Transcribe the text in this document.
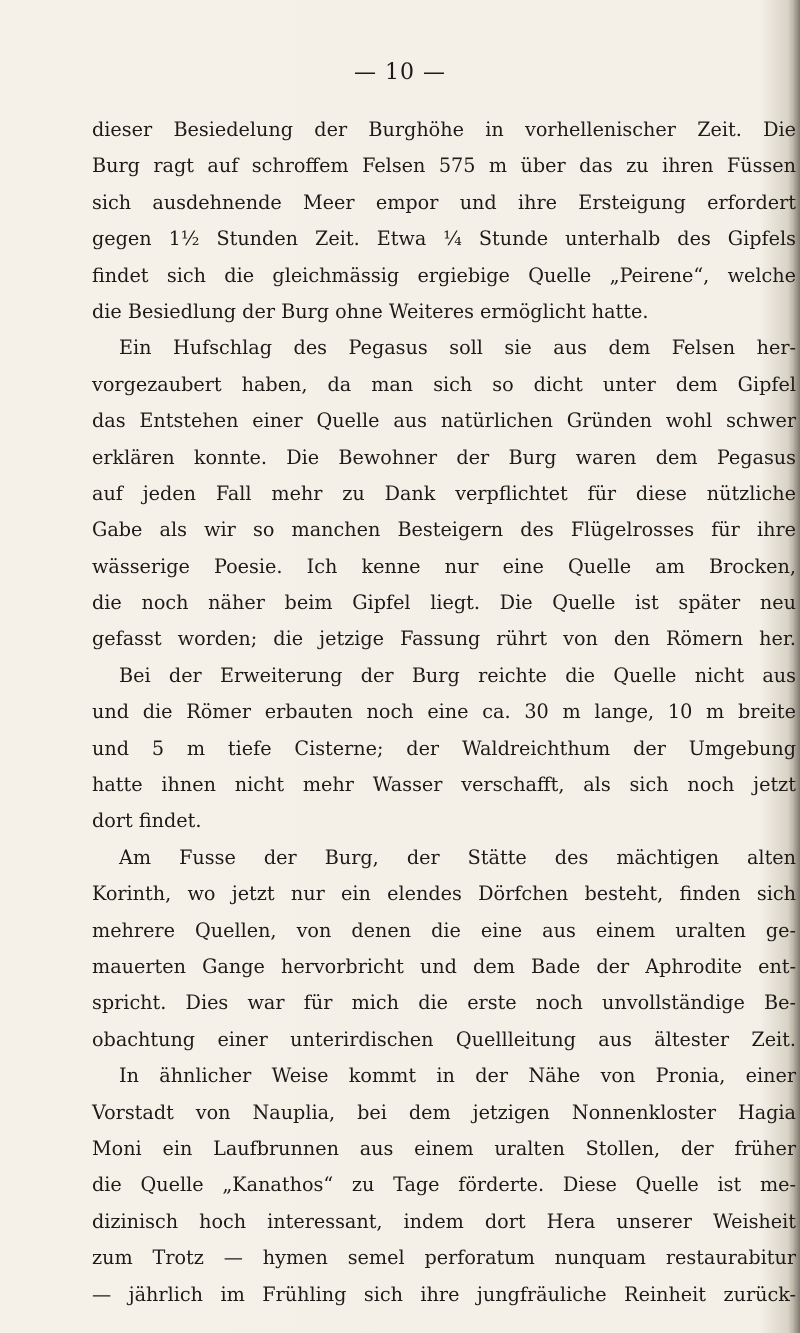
— 10 —
dieser Besiedelung der Burghöhe in vorhellenischer Zeit. Die
Burg ragt auf schroffem Felsen 575 m über das zu ihren Füssen
sich ausdehnende Meer empor und ihre Ersteigung erfordert
gegen 1½ Stunden Zeit. Etwa ¼ Stunde unterhalb des Gipfels
findet sich die gleichmässig ergiebige Quelle „Peirene“, welche
die Besiedlung der Burg ohne Weiteres ermöglicht hatte.
Ein Hufschlag des Pegasus soll sie aus dem Felsen her-
vorgezaubert haben, da man sich so dicht unter dem Gipfel
das Entstehen einer Quelle aus natürlichen Gründen wohl schwer
erklären konnte. Die Bewohner der Burg waren dem Pegasus
auf jeden Fall mehr zu Dank verpflichtet für diese nützliche
Gabe als wir so manchen Besteigern des Flügelrosses für ihre
wässerige Poesie. Ich kenne nur eine Quelle am Brocken,
die noch näher beim Gipfel liegt. Die Quelle ist später neu
gefasst worden; die jetzige Fassung rührt von den Römern her.
Bei der Erweiterung der Burg reichte die Quelle nicht aus
und die Römer erbauten noch eine ca. 30 m lange, 10 m breite
und 5 m tiefe Cisterne; der Waldreichthum der Umgebung
hatte ihnen nicht mehr Wasser verschafft, als sich noch jetzt
dort findet.
Am Fusse der Burg, der Stätte des mächtigen alten
Korinth, wo jetzt nur ein elendes Dörfchen besteht, finden sich
mehrere Quellen, von denen die eine aus einem uralten ge-
mauerten Gange hervorbricht und dem Bade der Aphrodite ent-
spricht. Dies war für mich die erste noch unvollständige Be-
obachtung einer unterirdischen Quellleitung aus ältester Zeit.
In ähnlicher Weise kommt in der Nähe von Pronia, einer
Vorstadt von Nauplia, bei dem jetzigen Nonnenkloster Hagia
Moni ein Laufbrunnen aus einem uralten Stollen, der früher
die Quelle „Kanathos“ zu Tage förderte. Diese Quelle ist me-
dizinisch hoch interessant, indem dort Hera unserer Weisheit
zum Trotz — hymen semel perforatum nunquam restaurabitur
— jährlich im Frühling sich ihre jungfräuliche Reinheit zurück-
